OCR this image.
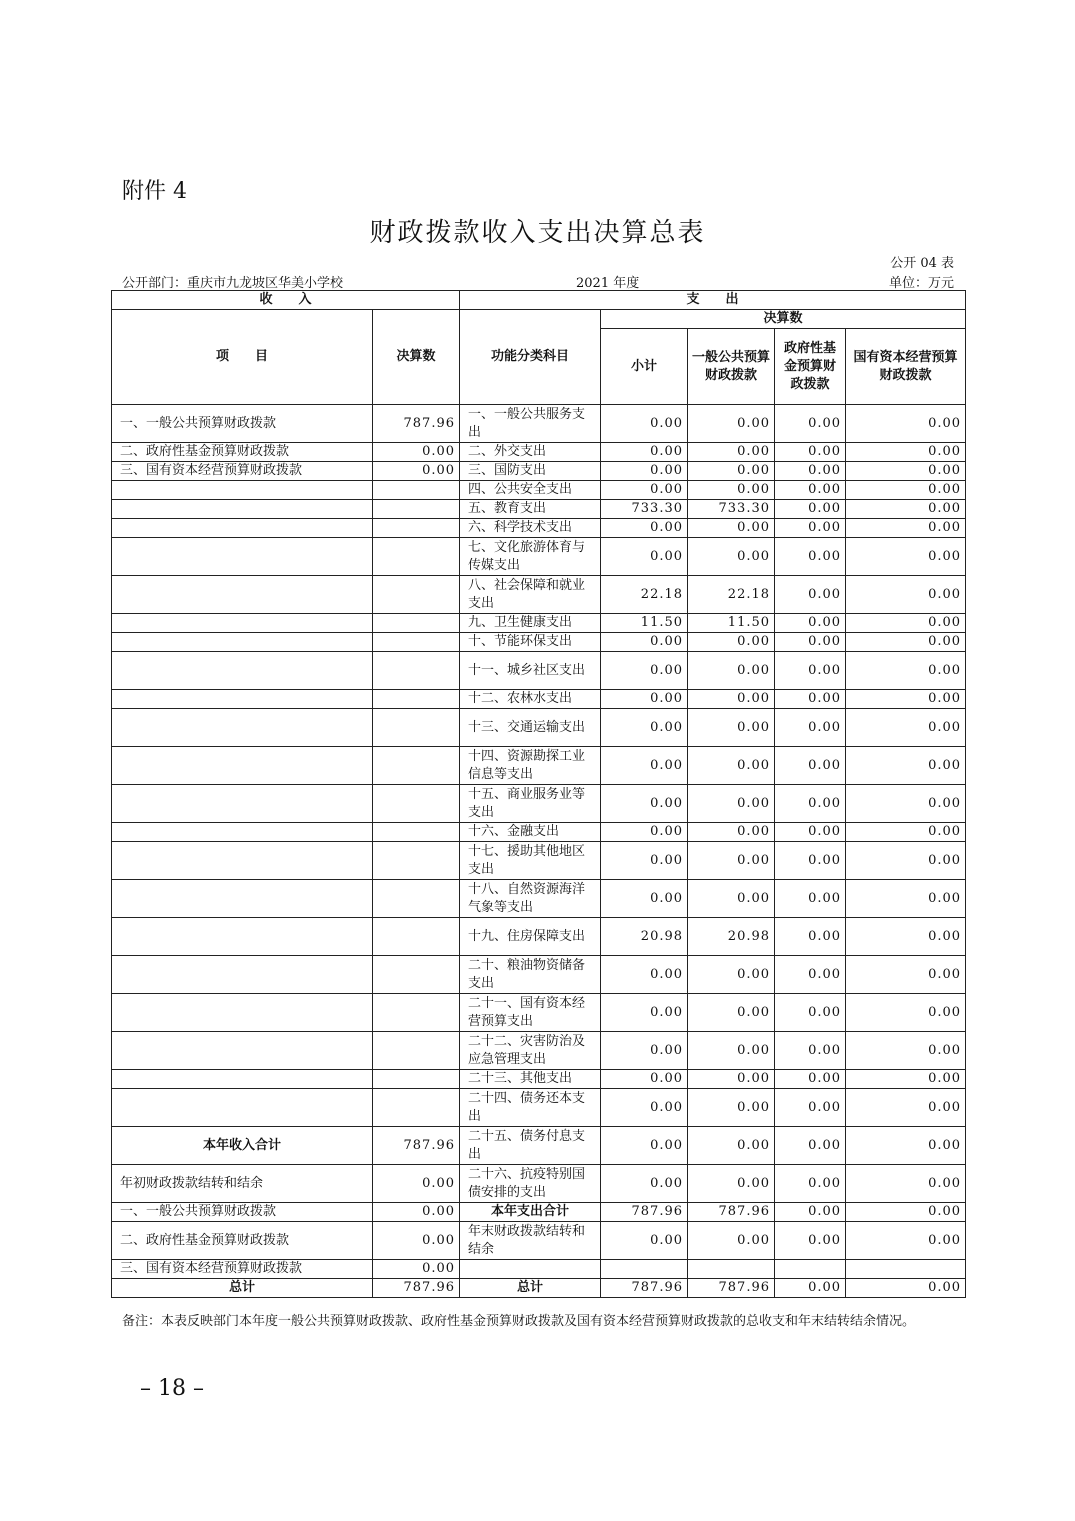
附件 4
财政拨款收入支出决算总表
公开 04 表
公开部门：重庆市九龙坡区华美小学校	2021 年度	单位：万元
收　　入		支　　出				
项　　目	决算数	功能分类科目	决算数			
			小计	一般公共预算财政拨款	政府性基金预算财政拨款	国有资本经营预算财政拨款
一、一般公共预算财政拨款	787.96	一、一般公共服务支出	0.00	0.00	0.00	0.00
二、政府性基金预算财政拨款	0.00	二、外交支出	0.00	0.00	0.00	0.00
三、国有资本经营预算财政拨款	0.00	三、国防支出	0.00	0.00	0.00	0.00
		四、公共安全支出	0.00	0.00	0.00	0.00
		五、教育支出	733.30	733.30	0.00	0.00
		六、科学技术支出	0.00	0.00	0.00	0.00
		七、文化旅游体育与传媒支出	0.00	0.00	0.00	0.00
		八、社会保障和就业支出	22.18	22.18	0.00	0.00
		九、卫生健康支出	11.50	11.50	0.00	0.00
		十、节能环保支出	0.00	0.00	0.00	0.00
		十一、城乡社区支出	0.00	0.00	0.00	0.00
		十二、农林水支出	0.00	0.00	0.00	0.00
		十三、交通运输支出	0.00	0.00	0.00	0.00
		十四、资源勘探工业信息等支出	0.00	0.00	0.00	0.00
		十五、商业服务业等支出	0.00	0.00	0.00	0.00
		十六、金融支出	0.00	0.00	0.00	0.00
		十七、援助其他地区支出	0.00	0.00	0.00	0.00
		十八、自然资源海洋气象等支出	0.00	0.00	0.00	0.00
		十九、住房保障支出	20.98	20.98	0.00	0.00
		二十、粮油物资储备支出	0.00	0.00	0.00	0.00
		二十一、国有资本经营预算支出	0.00	0.00	0.00	0.00
		二十二、灾害防治及应急管理支出	0.00	0.00	0.00	0.00
		二十三、其他支出	0.00	0.00	0.00	0.00
		二十四、债务还本支出	0.00	0.00	0.00	0.00
本年收入合计	787.96	二十五、债务付息支出	0.00	0.00	0.00	0.00
年初财政拨款结转和结余	0.00	二十六、抗疫特别国债安排的支出	0.00	0.00	0.00	0.00
一、一般公共预算财政拨款	0.00	本年支出合计	787.96	787.96	0.00	0.00
二、政府性基金预算财政拨款	0.00	年末财政拨款结转和结余	0.00	0.00	0.00	0.00
三、国有资本经营预算财政拨款	0.00					
总计	787.96	总计	787.96	787.96	0.00	0.00
备注：本表反映部门本年度一般公共预算财政拨款、政府性基金预算财政拨款及国有资本经营预算财政拨款的总收支和年末结转结余情况。
– 18 –
